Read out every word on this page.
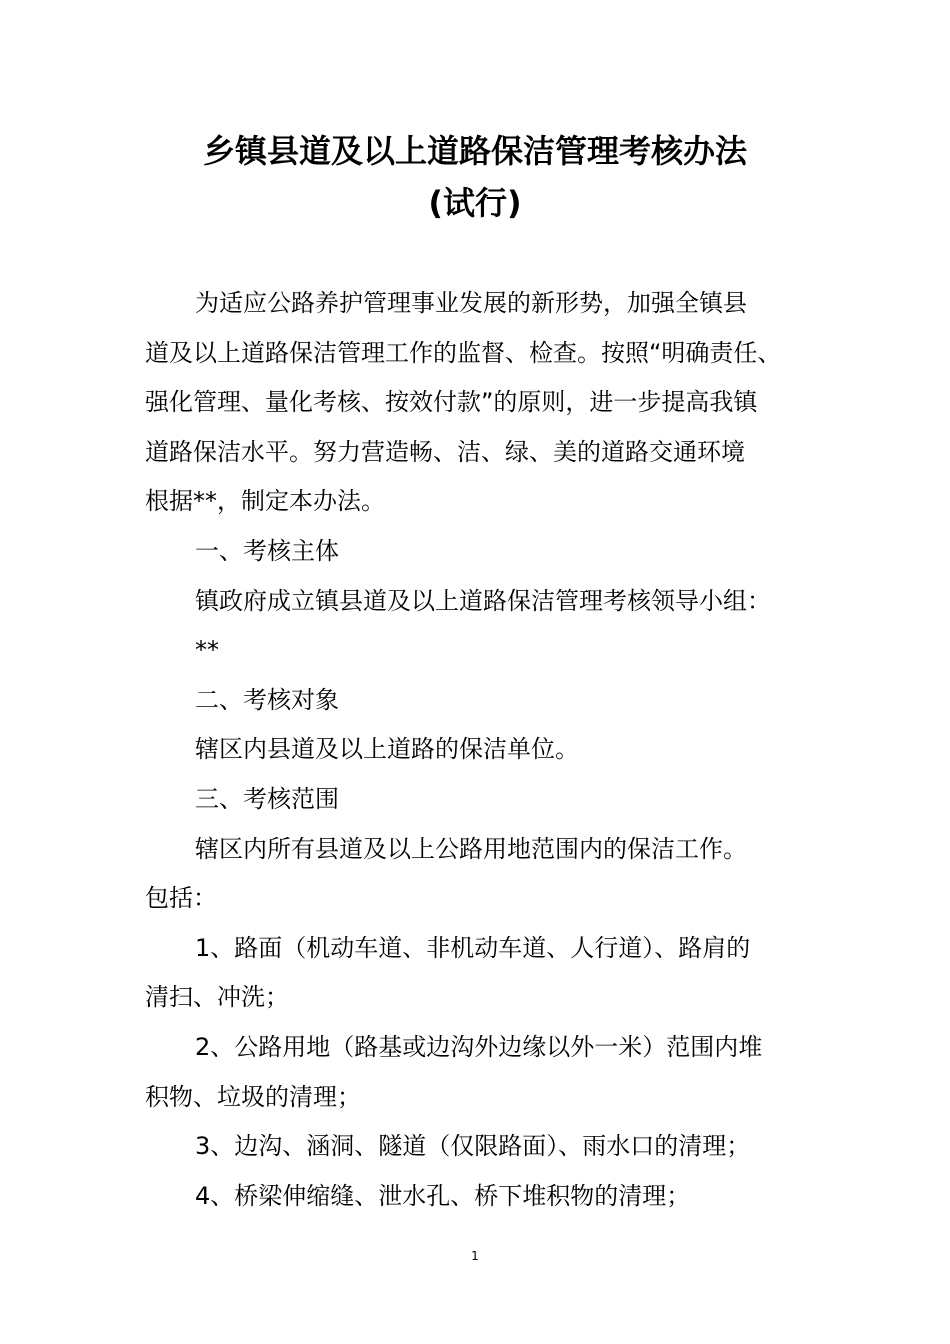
乡镇县道及以上道路保洁管理考核办法
(试行)
为适应公路养护管理事业发展的新形势，加强全镇县
道及以上道路保洁管理工作的监督、检查。按照“明确责任、
强化管理、量化考核、按效付款”的原则，进一步提高我镇
道路保洁水平。努力营造畅、洁、绿、美的道路交通环境
根据**，制定本办法。
一、考核主体
镇政府成立镇县道及以上道路保洁管理考核领导小组：
**
二、考核对象
辖区内县道及以上道路的保洁单位。
三、考核范围
辖区内所有县道及以上公路用地范围内的保洁工作。
包括：
1、路面（机动车道、非机动车道、人行道）、路肩的
清扫、冲洗；
2、公路用地（路基或边沟外边缘以外一米）范围内堆
积物、垃圾的清理；
3、边沟、涵洞、隧道（仅限路面）、雨水口的清理；
4、桥梁伸缩缝、泄水孔、桥下堆积物的清理；
1
